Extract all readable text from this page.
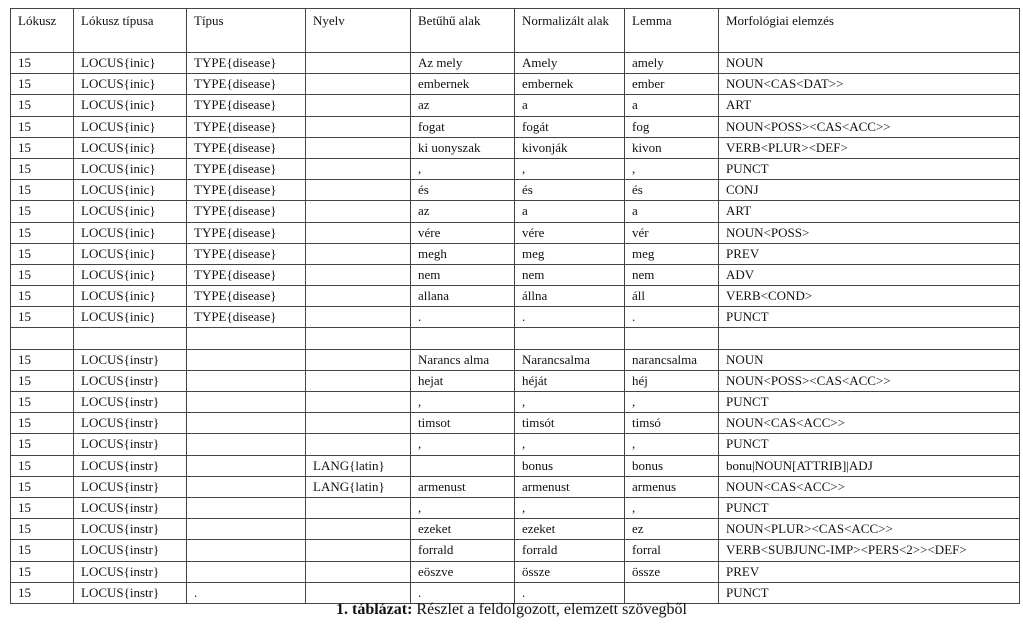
Lókusz	Lókusz típusa	Típus	Nyelv	Betűhű alak	Normalizált alak	Lemma	Morfológiai elemzés
15	LOCUS{inic}	TYPE{disease}		Az mely	Amely	amely	NOUN
15	LOCUS{inic}	TYPE{disease}		embernek	embernek	ember	NOUN<CAS<DAT>>
15	LOCUS{inic}	TYPE{disease}		az	a	a	ART
15	LOCUS{inic}	TYPE{disease}		fogat	fogát	fog	NOUN<POSS><CAS<ACC>>
15	LOCUS{inic}	TYPE{disease}		ki uonyszak	kivonják	kivon	VERB<PLUR><DEF>
15	LOCUS{inic}	TYPE{disease}		,	,	,	PUNCT
15	LOCUS{inic}	TYPE{disease}		és	és	és	CONJ
15	LOCUS{inic}	TYPE{disease}		az	a	a	ART
15	LOCUS{inic}	TYPE{disease}		vére	vére	vér	NOUN<POSS>
15	LOCUS{inic}	TYPE{disease}		megh	meg	meg	PREV
15	LOCUS{inic}	TYPE{disease}		nem	nem	nem	ADV
15	LOCUS{inic}	TYPE{disease}		allana	állna	áll	VERB<COND>
15	LOCUS{inic}	TYPE{disease}		.	.	.	PUNCT

15	LOCUS{instr}			Narancs alma	Narancsalma	narancsalma	NOUN
15	LOCUS{instr}			hejat	héját	héj	NOUN<POSS><CAS<ACC>>
15	LOCUS{instr}			,	,	,	PUNCT
15	LOCUS{instr}			timsot	timsót	timsó	NOUN<CAS<ACC>>
15	LOCUS{instr}			,	,	,	PUNCT
15	LOCUS{instr}		LANG{latin}		bonus	bonus	bonu|NOUN[ATTRIB]|ADJ
15	LOCUS{instr}		LANG{latin}	armenust	armenust	armenus	NOUN<CAS<ACC>>
15	LOCUS{instr}			,	,	,	PUNCT
15	LOCUS{instr}			ezeket	ezeket	ez	NOUN<PLUR><CAS<ACC>>
15	LOCUS{instr}			forrald	forrald	forral	VERB<SUBJUNC-IMP><PERS<2>><DEF>
15	LOCUS{instr}			eöszve	össze	össze	PREV
15	LOCUS{instr}	.		.	.		PUNCT
1. táblázat: Részlet a feldolgozott, elemzett szövegből
